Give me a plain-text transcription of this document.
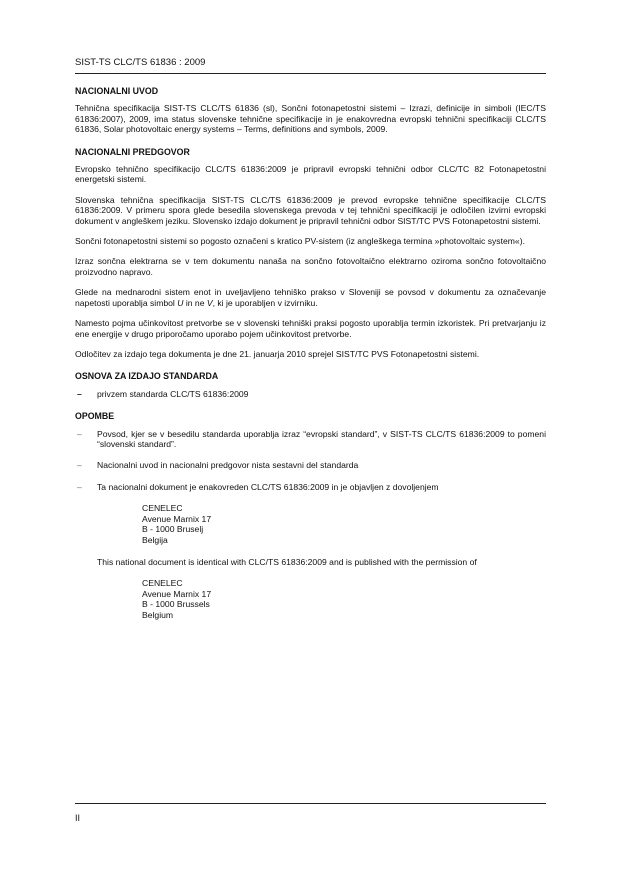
SIST-TS CLC/TS 61836 : 2009
NACIONALNI UVOD
Tehnična specifikacija SIST-TS CLC/TS 61836 (sl), Sončni fotonapetostni sistemi – Izrazi, definicije in simboli (IEC/TS 61836:2007), 2009, ima status slovenske tehnične specifikacije in je enakovredna evropski tehnični specifikaciji CLC/TS 61836, Solar photovoltaic energy systems – Terms, definitions and symbols, 2009.
NACIONALNI PREDGOVOR
Evropsko tehnično specifikacijo CLC/TS 61836:2009 je pripravil evropski tehnični odbor CLC/TC 82 Fotonapetostni energetski sistemi.
Slovenska tehnična specifikacija SIST-TS CLC/TS 61836:2009 je prevod evropske tehnične specifikacije CLC/TS 61836:2009. V primeru spora glede besedila slovenskega prevoda v tej tehnični specifikaciji je odločilen izvirni evropski dokument v angleškem jeziku. Slovensko izdajo dokument je pripravil tehnični odbor SIST/TC PVS Fotonapetostni sistemi.
Sončni fotonapetostni sistemi so pogosto označeni s kratico PV-sistem (iz angleškega termina »photovoltaic system«).
Izraz sončna elektrarna se v tem dokumentu nanaša na sončno fotovoltaično elektrarno oziroma sončno fotovoltaično proizvodno napravo.
Glede na mednarodni sistem enot in uveljavljeno tehniško prakso v Sloveniji se povsod v dokumentu za označevanje napetosti uporablja simbol U in ne V, ki je uporabljen v izvirniku.
Namesto pojma učinkovitost pretvorbe se v slovenski tehniški praksi pogosto uporablja termin izkoristek. Pri pretvarjanju iz ene energije v drugo priporočamo uporabo pojem učinkovitost pretvorbe.
Odločitev za izdajo tega dokumenta je dne 21. januarja 2010 sprejel SIST/TC PVS Fotonapetostni sistemi.
OSNOVA ZA IZDAJO STANDARDA
– privzem standarda CLC/TS 61836:2009
OPOMBE
– Povsod, kjer se v besedilu standarda uporablja izraz “evropski standard”, v SIST-TS CLC/TS 61836:2009 to pomeni “slovenski standard”.
– Nacionalni uvod in nacionalni predgovor nista sestavni del standarda
– Ta nacionalni dokument je enakovreden CLC/TS 61836:2009 in je objavljen z dovoljenjem
CENELEC
Avenue Marnix 17
B - 1000 Bruselj
Belgija
This national document is identical with CLC/TS 61836:2009 and is published with the permission of
CENELEC
Avenue Marnix 17
B - 1000 Brussels
Belgium
II
